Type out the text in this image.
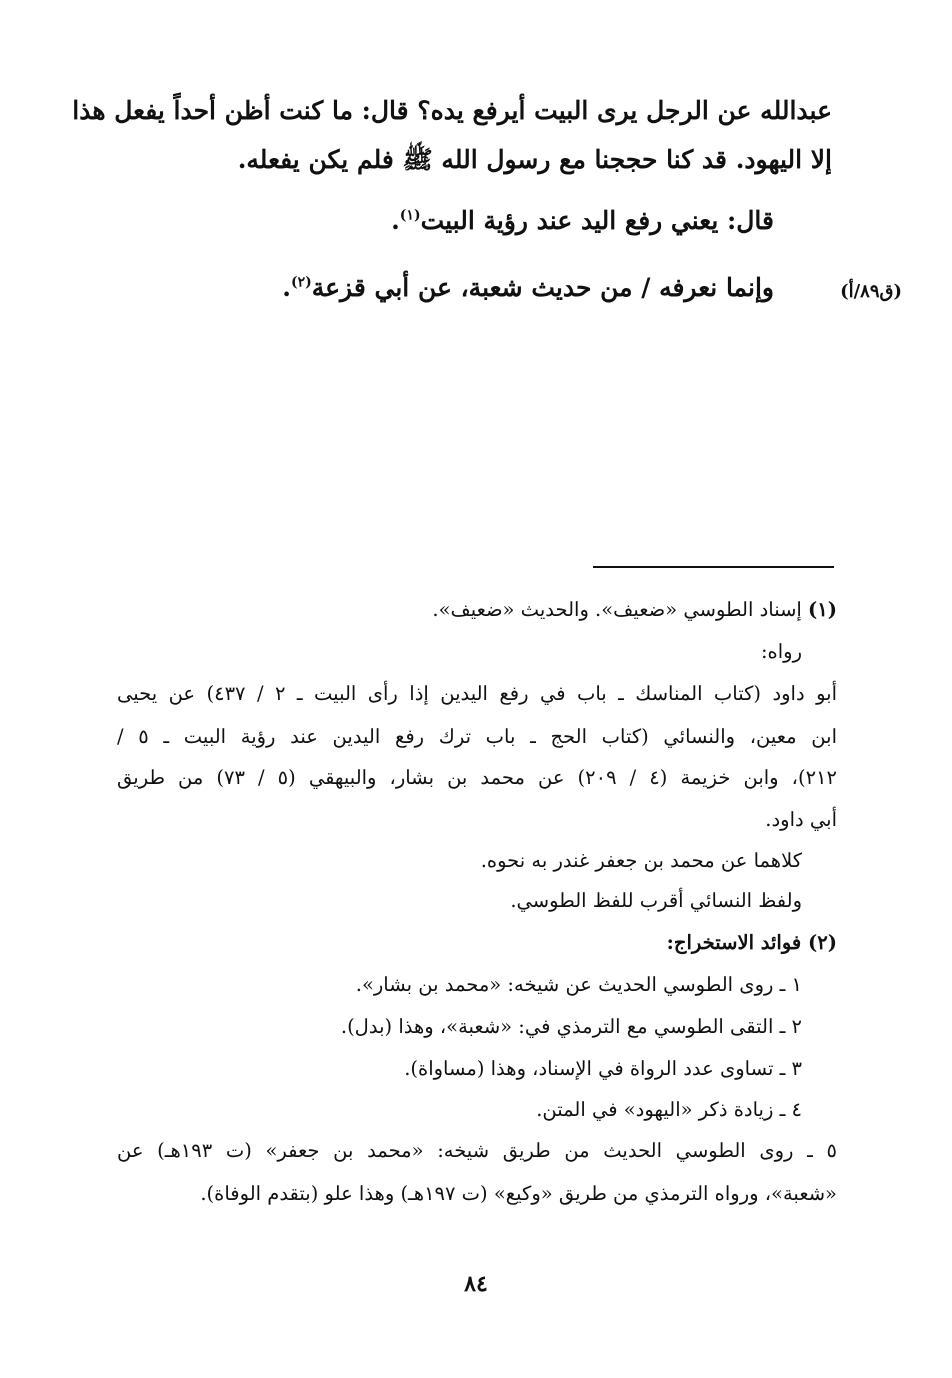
عبدالله عن الرجل يرى البيت أيرفع يده؟ قال: ما كنت أظن أحداً يفعل هذا
إلا اليهود. قد كنا حججنا مع رسول الله ﷺ فلم يكن يفعله.
قال: يعني رفع اليد عند رؤية البيت$^{(١)}$.
وإنما نعرفه / من حديث شعبة، عن أبي قزعة$^{(٢)}$.	(ق٨٩/أ)
(١) إسناد الطوسي «ضعيف». والحديث «ضعيف».
رواه:
أبو داود (كتاب المناسك ـ باب في رفع اليدين إذا رأى البيت ـ ٢ / ٤٣٧) عن يحيى
ابن معين، والنسائي (كتاب الحج ـ باب ترك رفع اليدين عند رؤية البيت ـ ٥ /
٢١٢)، وابن خزيمة (٤ / ٢٠٩) عن محمد بن بشار، والبيهقي (٥ / ٧٣) من طريق
أبي داود.
كلاهما عن محمد بن جعفر غندر به نحوه.
ولفظ النسائي أقرب للفظ الطوسي.
(٢) فوائد الاستخراج:
١ ـ روى الطوسي الحديث عن شيخه: «محمد بن بشار».
٢ ـ التقى الطوسي مع الترمذي في: «شعبة»، وهذا (بدل).
٣ ـ تساوى عدد الرواة في الإسناد، وهذا (مساواة).
٤ ـ زيادة ذكر «اليهود» في المتن.
٥ ـ روى الطوسي الحديث من طريق شيخه: «محمد بن جعفر» (ت ١٩٣هـ) عن
«شعبة»، ورواه الترمذي من طريق «وكيع» (ت ١٩٧هـ) وهذا علو (بتقدم الوفاة).
٨٤
